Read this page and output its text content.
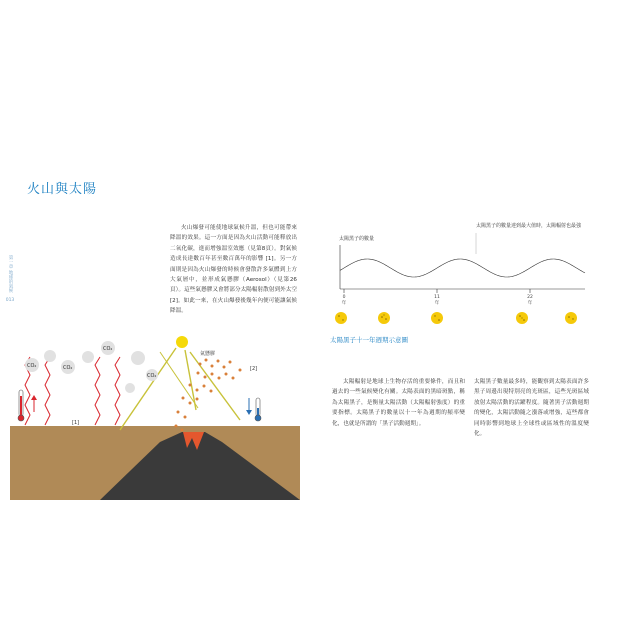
CO₂	CO₂
CO₂
CO₂
氣懸膠
[1]
[2]
火山與太陽
第一章 地球的氣候
013
火山爆發可能使地球氣候升溫，但也可能帶來降溫的效果。這一方面是因為火山活動可能釋放出二氧化碳，進而增強溫室效應（見第8頁）。對氣候造成長達數百年甚至數百萬年的影響 [1]。另一方面則是因為火山爆發的時候會發散許多氣體到上方大氣層中，並形成氣懸膠（Aerosol）（見第26頁）。這些氣懸膠又會將部分太陽輻射散射到外太空 [2]。如此一來，在火山爆發後幾年內便可能讓氣候降溫。
太陽黑子的數量
太陽黑子的數量達到最大值時，太陽輻射也最強
0
年
11
年
22
年
太陽黑子十一年週期示意圖
太陽輻射是地球上生物存活的重要條件，而且和過去的一些氣候變化有關。太陽表面的黑暗斑點，稱為太陽黑子，是衡量太陽活動（太陽輻射強度）的重要指標。太陽黑子的數量以十一年為週期的頻率變化，也就是所謂的「黑子活動週期」。
太陽黑子數量最多時，能觀察到太陽表面許多黑子周邊出現特別亮的光斑區，這些光斑區域放射太陽活動的活躍程度。隨著黑子活動週期的變化，太陽活動隨之漲落或增強，這些都會同時影響到地球上全球性或區域性的溫度變化。
